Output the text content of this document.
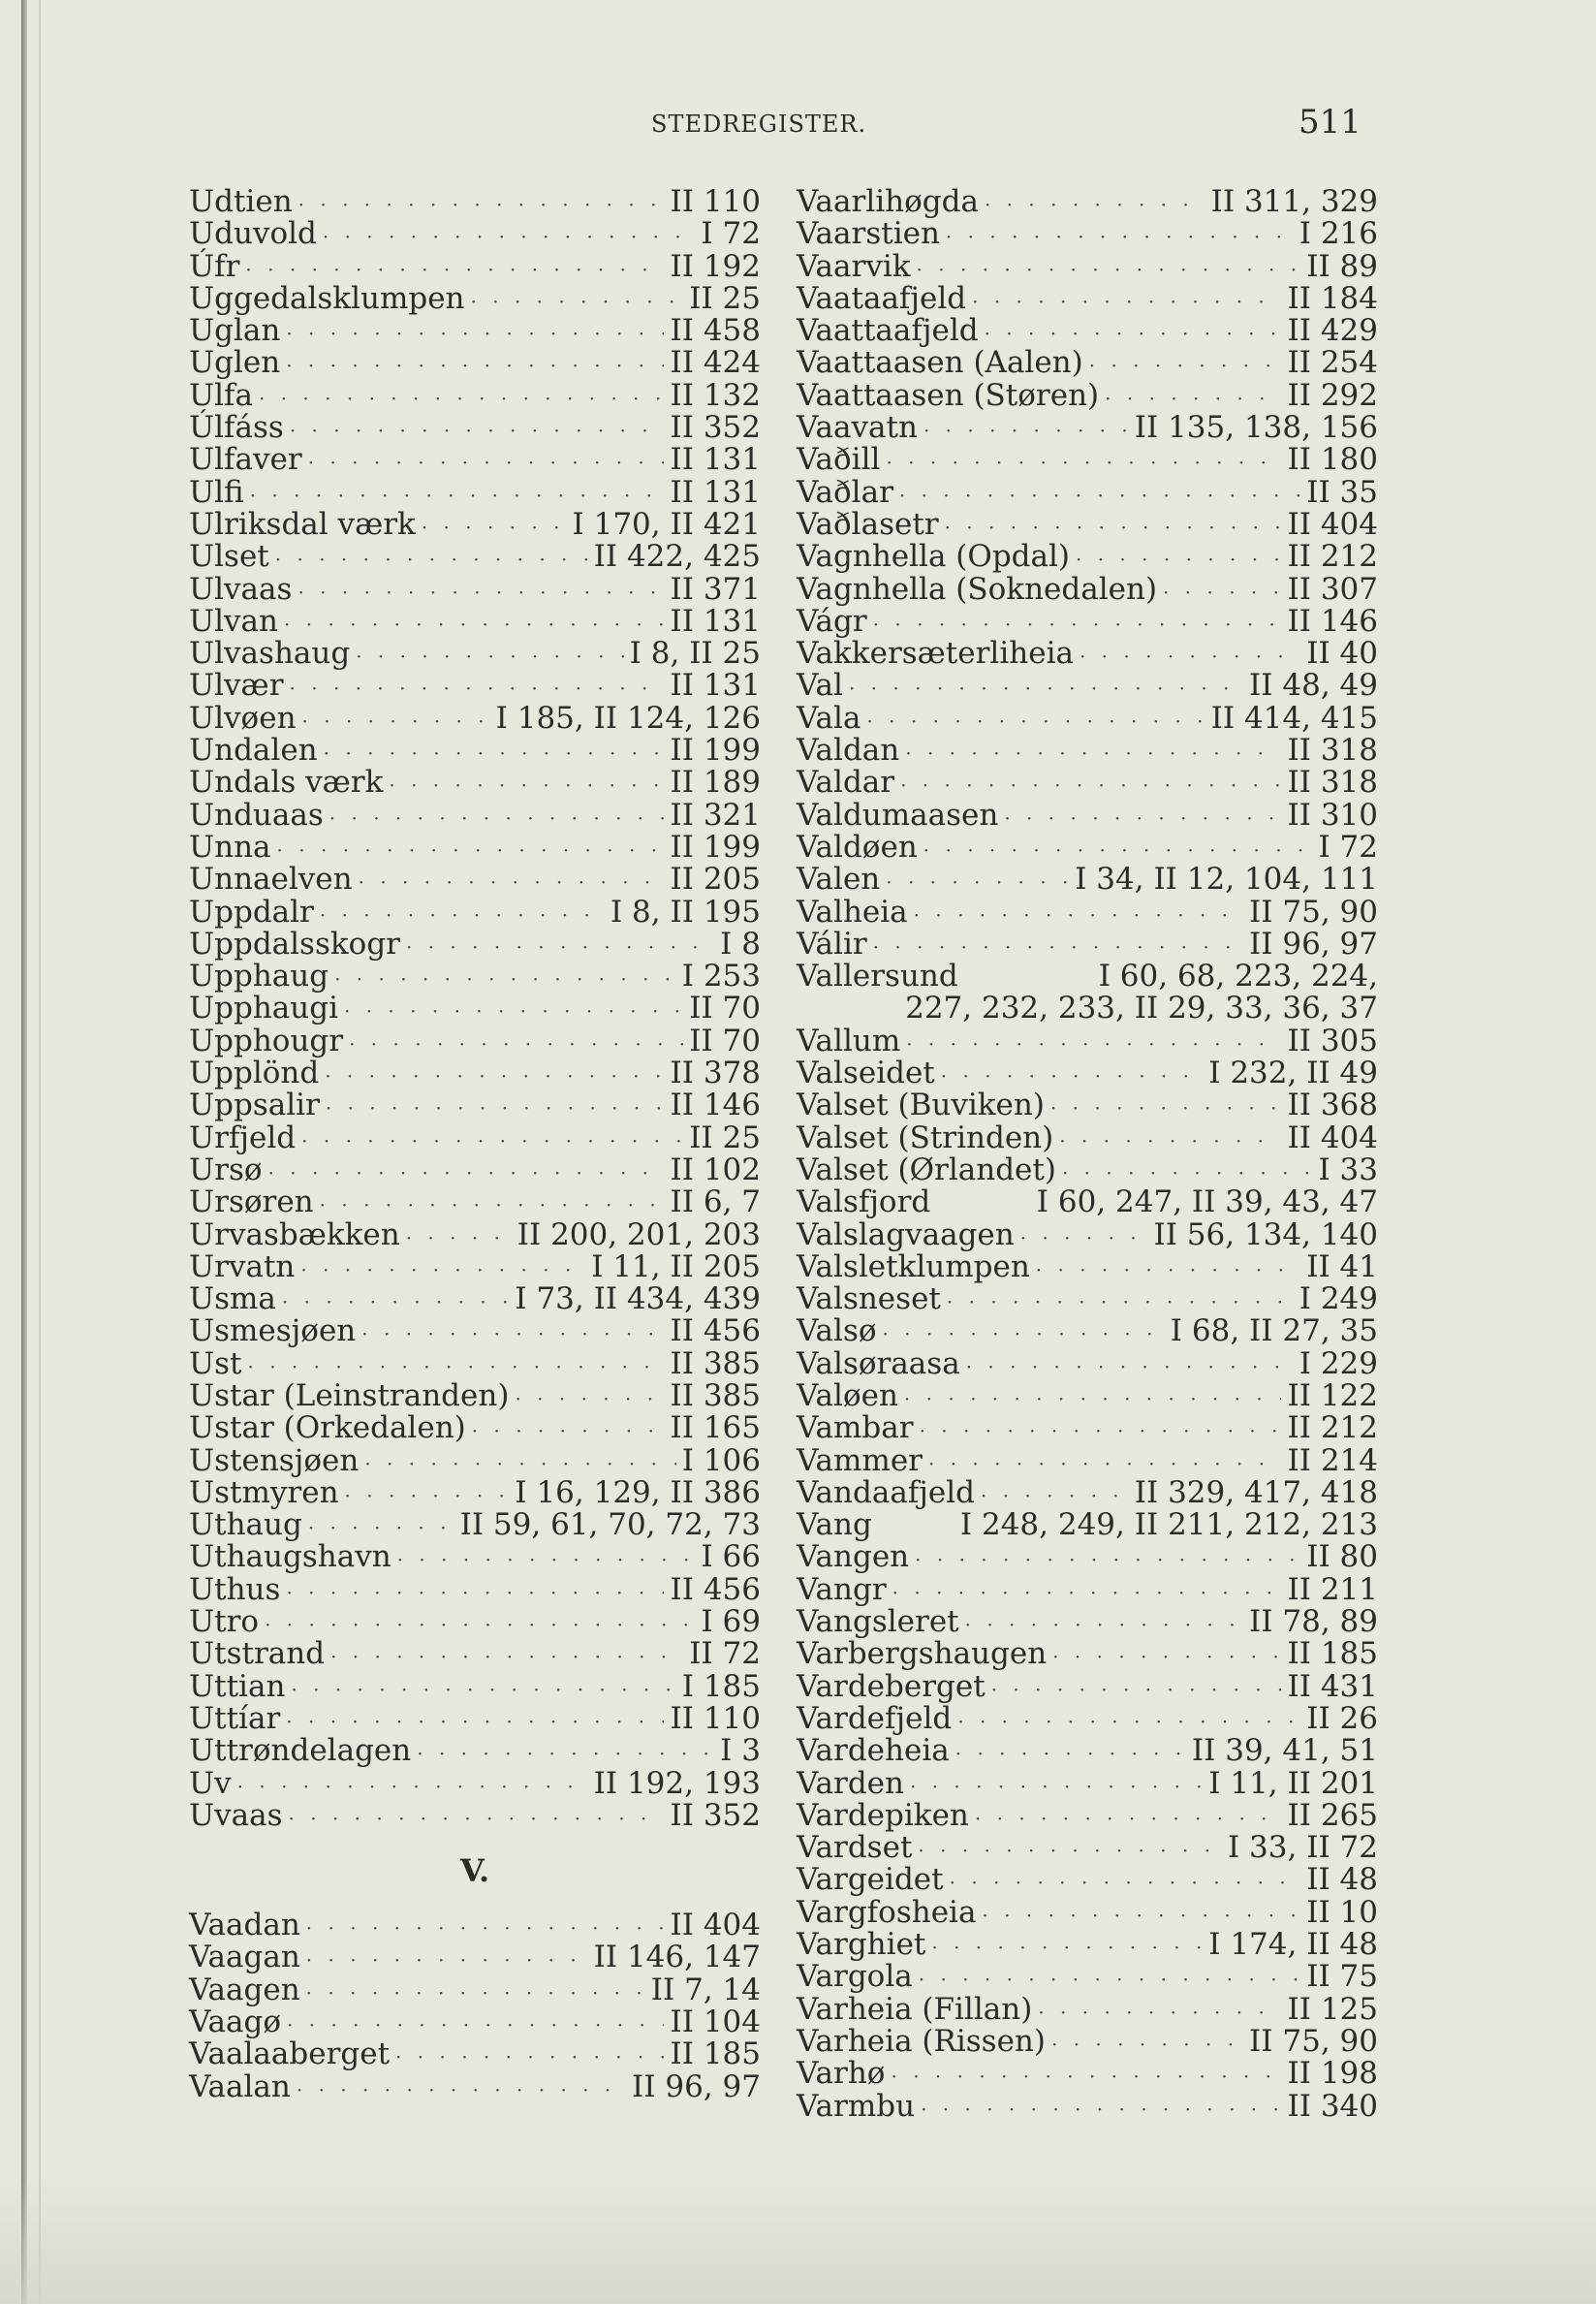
STEDREGISTER.	511
Udtien · · ·	II 110
Uduvold · · ·	I 72
Úfr · · ·	II 192
Uggedalsklumpen · · ·	II 25
Uglan · · ·	II 458
Uglen · · ·	II 424
Ulfa · · ·	II 132
Úlfáss · · ·	II 352
Ulfaver · · ·	II 131
Ulfi · · ·	II 131
Ulriksdal værk · · ·	I 170, II 421
Ulset · · ·	II 422, 425
Ulvaas · · ·	II 371
Ulvan · · ·	II 131
Ulvashaug · · ·	I 8, II 25
Ulvær · · ·	II 131
Ulvøen · · ·	I 185, II 124, 126
Undalen · · ·	II 199
Undals værk · · ·	II 189
Unduaas · · ·	II 321
Unna · · ·	II 199
Unnaelven · · ·	II 205
Uppdalr · · ·	I 8, II 195
Uppdalsskogr · · ·	I 8
Upphaug · · ·	I 253
Upphaugi · · ·	II 70
Upphougr · · ·	II 70
Upplönd · · ·	II 378
Uppsalir · · ·	II 146
Urfjeld · · ·	II 25
Ursø · · ·	II 102
Ursøren · · ·	II 6, 7
Urvasbækken · · ·	II 200, 201, 203
Urvatn · · ·	I 11, II 205
Usma · · ·	I 73, II 434, 439
Usmesjøen · · ·	II 456
Ust · · ·	II 385
Ustar (Leinstranden) · · ·	II 385
Ustar (Orkedalen) · · ·	II 165
Ustensjøen · · ·	I 106
Ustmyren · · ·	I 16, 129, II 386
Uthaug · · ·	II 59, 61, 70, 72, 73
Uthaugshavn · · ·	I 66
Uthus · · ·	II 456
Utro · · ·	I 69
Utstrand · · ·	II 72
Uttian · · ·	I 185
Uttíar · · ·	II 110
Uttrøndelagen · · ·	I 3
Uv · · ·	II 192, 193
Uvaas · · ·	II 352
V.
Vaadan · · ·	II 404
Vaagan · · ·	II 146, 147
Vaagen · · ·	II 7, 14
Vaagø · · ·	II 104
Vaalaaberget · · ·	II 185
Vaalan · · ·	II 96, 97
Vaarlihøgda · · ·	II 311, 329
Vaarstien · · ·	I 216
Vaarvik · · ·	II 89
Vaataafjeld · · ·	II 184
Vaattaafjeld · · ·	II 429
Vaattaasen (Aalen) · · ·	II 254
Vaattaasen (Støren) · · ·	II 292
Vaavatn · · ·	II 135, 138, 156
Vaðill · · ·	II 180
Vaðlar · · ·	II 35
Vaðlasetr · · ·	II 404
Vagnhella (Opdal) · · ·	II 212
Vagnhella (Soknedalen) · · ·	II 307
Vágr · · ·	II 146
Vakkersæterliheia · · ·	II 40
Val · · ·	II 48, 49
Vala · · ·	II 414, 415
Valdan · · ·	II 318
Valdar · · ·	II 318
Valdumaasen · · ·	II 310
Valdøen · · ·	I 72
Valen · · ·	I 34, II 12, 104, 111
Valheia · · ·	II 75, 90
Válir · · ·	II 96, 97
Vallersund	I 60, 68, 223, 224,
227, 232, 233, II 29, 33, 36, 37
Vallum · · ·	II 305
Valseidet · · ·	I 232, II 49
Valset (Buviken) · · ·	II 368
Valset (Strinden) · · ·	II 404
Valset (Ørlandet) · · ·	I 33
Valsfjord	I 60, 247, II 39, 43, 47
Valslagvaagen · · ·	II 56, 134, 140
Valsletklumpen · · ·	II 41
Valsneset · · ·	I 249
Valsø · · ·	I 68, II 27, 35
Valsøraasa · · ·	I 229
Valøen · · ·	II 122
Vambar · · ·	II 212
Vammer · · ·	II 214
Vandaafjeld · · ·	II 329, 417, 418
Vang	I 248, 249, II 211, 212, 213
Vangen · · ·	II 80
Vangr · · ·	II 211
Vangsleret · · ·	II 78, 89
Varbergshaugen · · ·	II 185
Vardeberget · · ·	II 431
Vardefjeld · · ·	II 26
Vardeheia · · ·	II 39, 41, 51
Varden · · ·	I 11, II 201
Vardepiken · · ·	II 265
Vardset · · ·	I 33, II 72
Vargeidet · · ·	II 48
Vargfosheia · · ·	II 10
Varghiet · · ·	I 174, II 48
Vargola · · ·	II 75
Varheia (Fillan) · · ·	II 125
Varheia (Rissen) · · ·	II 75, 90
Varhø · · ·	II 198
Varmbu · · ·	II 340
